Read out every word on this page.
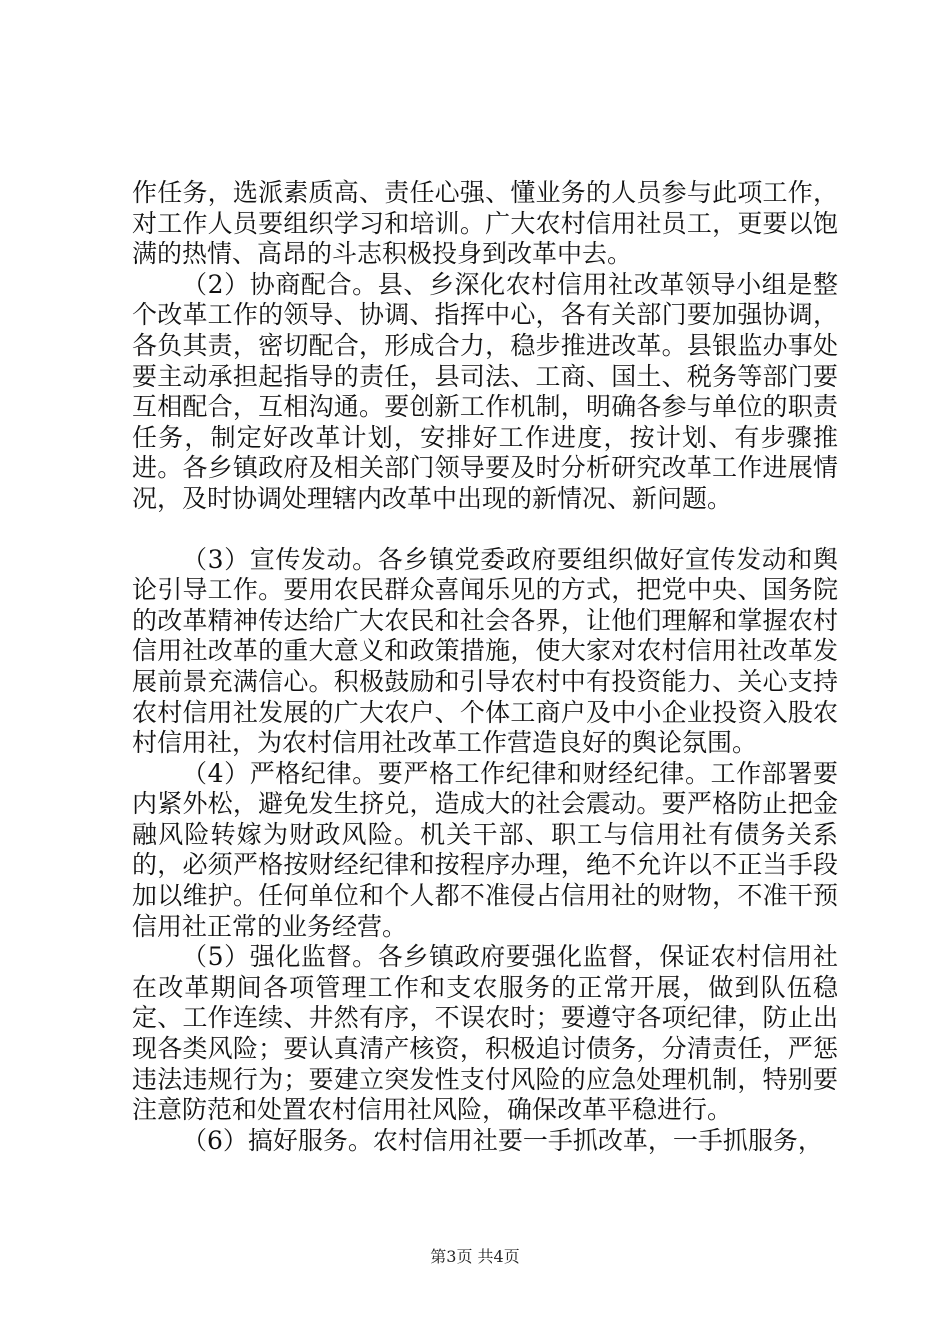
作任务，选派素质高、责任心强、懂业务的人员参与此项工作，对工作人员要组织学习和培训。广大农村信用社员工，更要以饱满的热情、高昂的斗志积极投身到改革中去。

（2）协商配合。县、乡深化农村信用社改革领导小组是整个改革工作的领导、协调、指挥中心，各有关部门要加强协调，各负其责，密切配合，形成合力，稳步推进改革。县银监办事处要主动承担起指导的责任，县司法、工商、国土、税务等部门要互相配合，互相沟通。要创新工作机制，明确各参与单位的职责任务，制定好改革计划，安排好工作进度，按计划、有步骤推进。各乡镇政府及相关部门领导要及时分析研究改革工作进展情况，及时协调处理辖内改革中出现的新情况、新问题。

（3）宣传发动。各乡镇党委政府要组织做好宣传发动和舆论引导工作。要用农民群众喜闻乐见的方式，把党中央、国务院的改革精神传达给广大农民和社会各界，让他们理解和掌握农村信用社改革的重大意义和政策措施，使大家对农村信用社改革发展前景充满信心。积极鼓励和引导农村中有投资能力、关心支持农村信用社发展的广大农户、个体工商户及中小企业投资入股农村信用社，为农村信用社改革工作营造良好的舆论氛围。

（4）严格纪律。要严格工作纪律和财经纪律。工作部署要内紧外松，避免发生挤兑，造成大的社会震动。要严格防止把金融风险转嫁为财政风险。机关干部、职工与信用社有债务关系的，必须严格按财经纪律和按程序办理，绝不允许以不正当手段加以维护。任何单位和个人都不准侵占信用社的财物，不准干预信用社正常的业务经营。

（5）强化监督。各乡镇政府要强化监督，保证农村信用社在改革期间各项管理工作和支农服务的正常开展，做到队伍稳定、工作连续、井然有序，不误农时；要遵守各项纪律，防止出现各类风险；要认真清产核资，积极追讨债务，分清责任，严惩违法违规行为；要建立突发性支付风险的应急处理机制，特别要注意防范和处置农村信用社风险，确保改革平稳进行。

（6）搞好服务。农村信用社要一手抓改革，一手抓服务，

第3页 共4页
